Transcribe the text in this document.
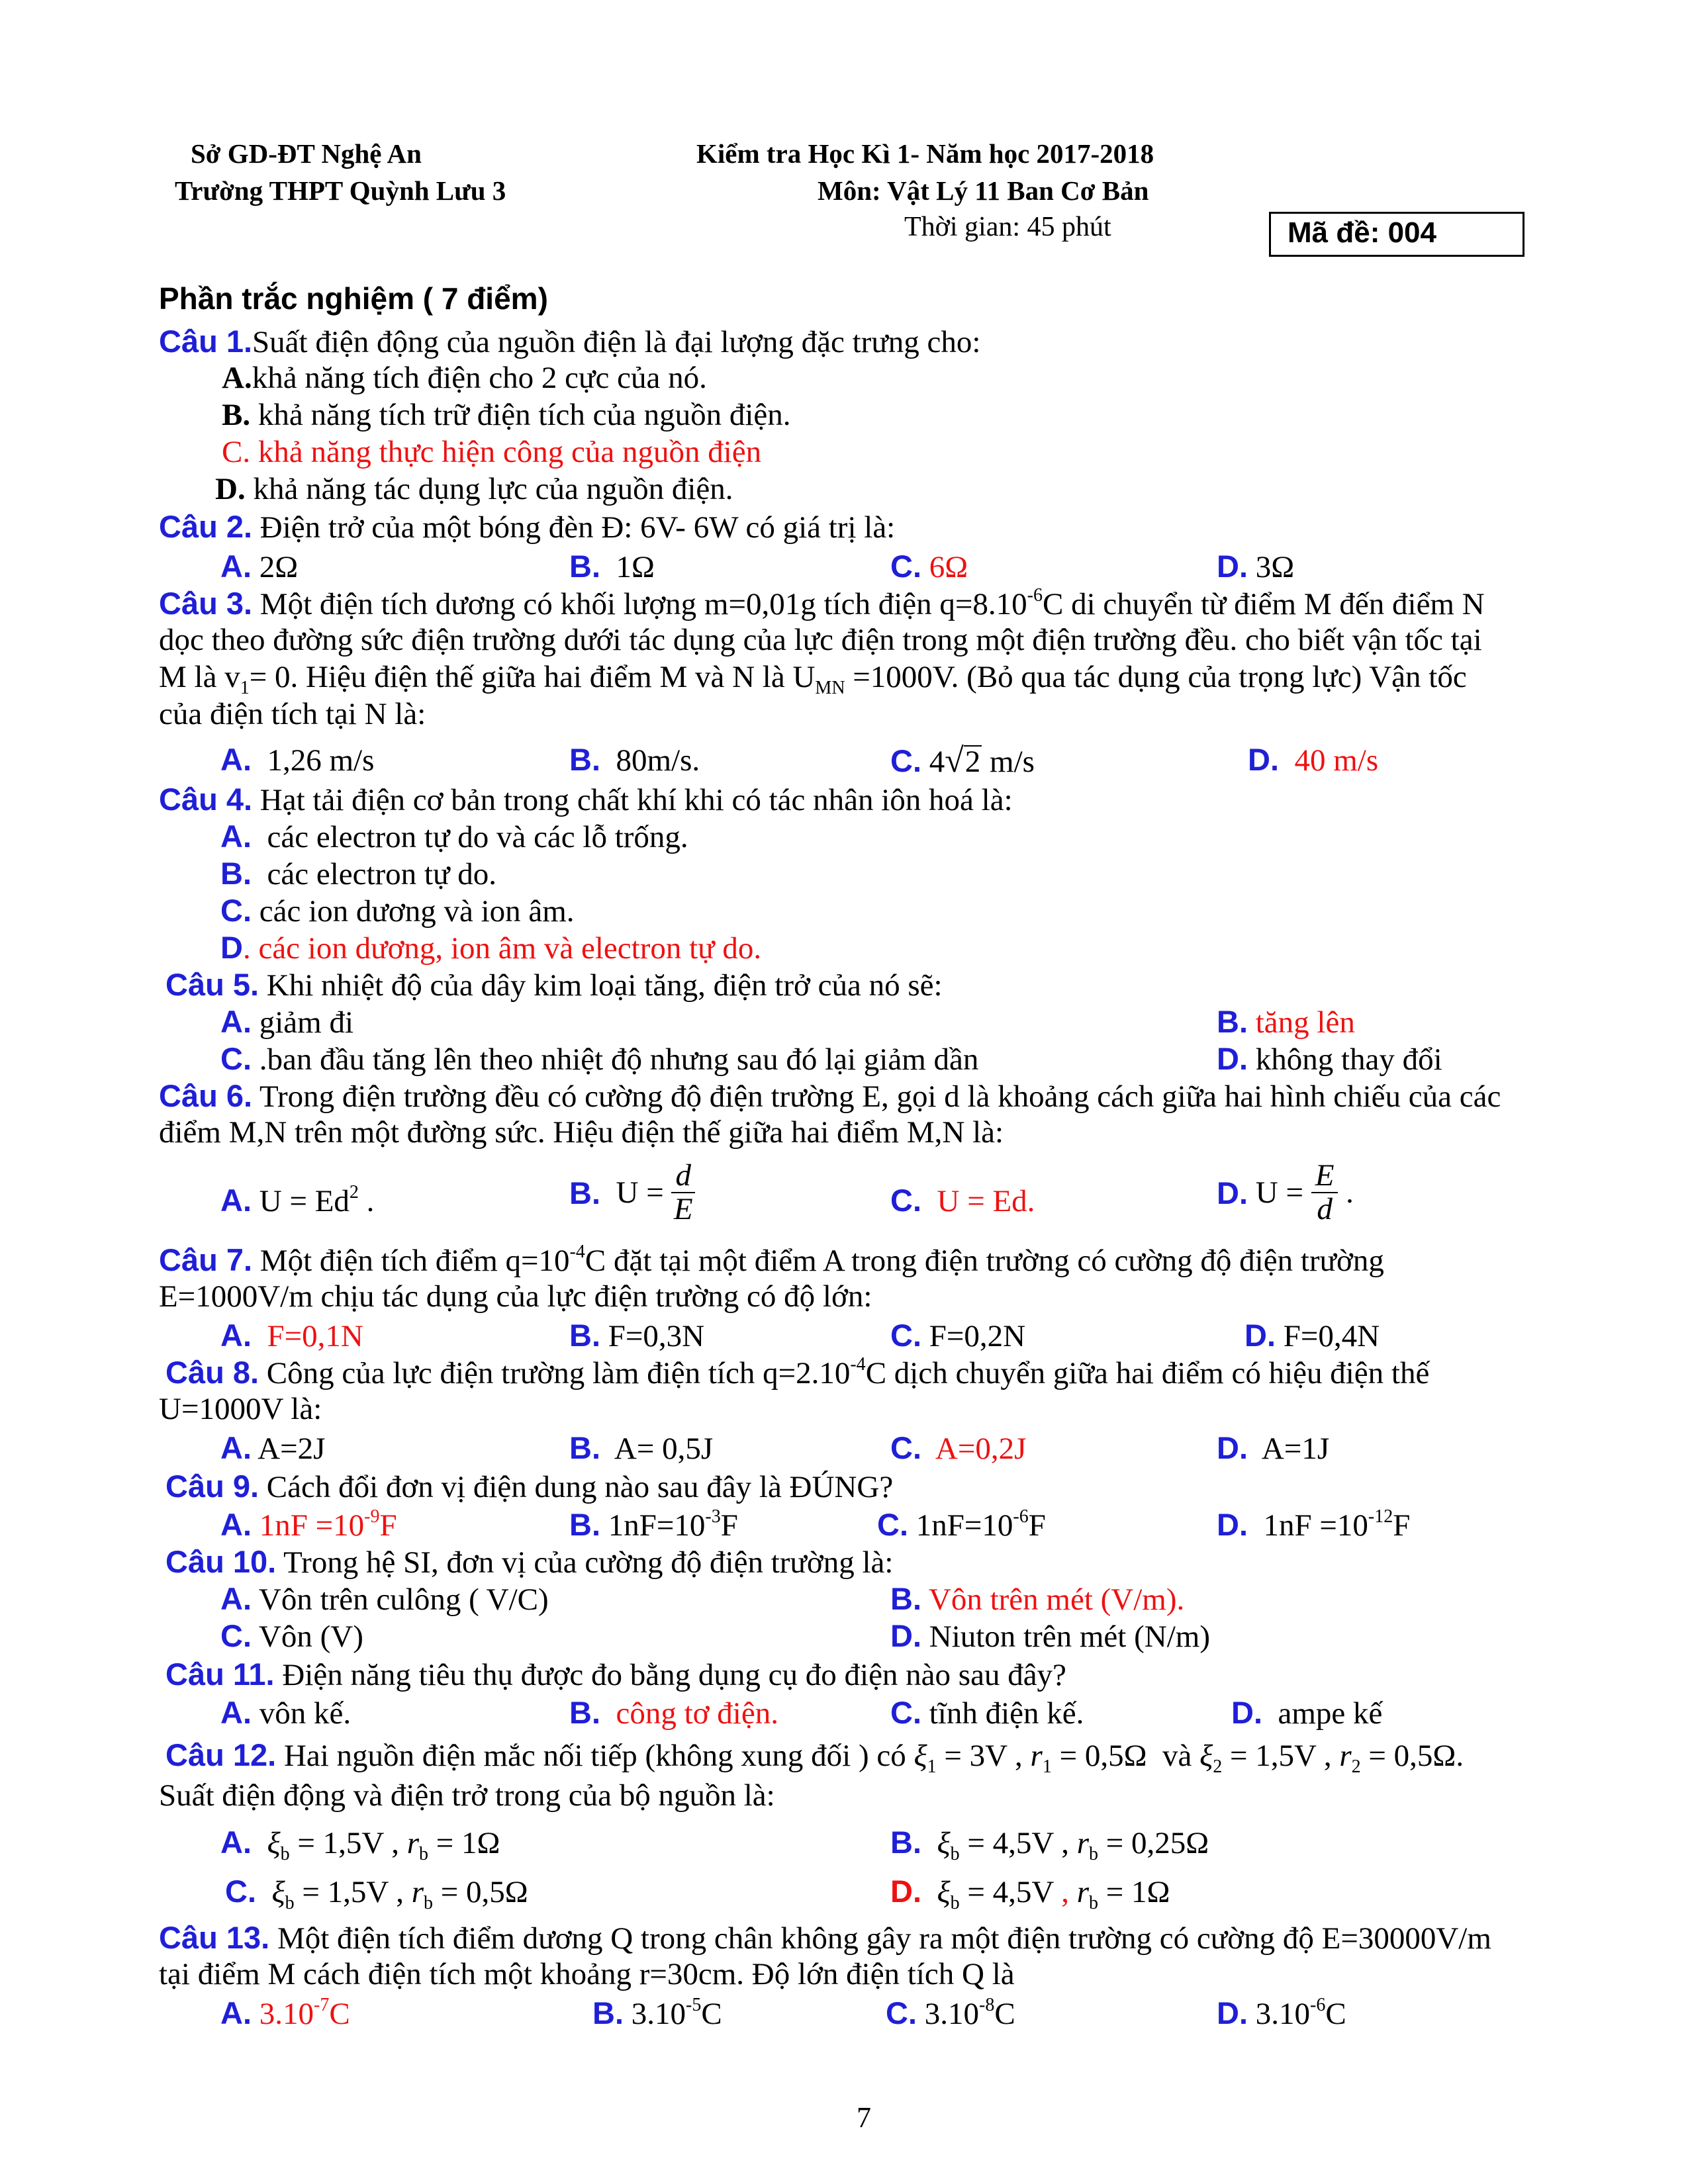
Sở GD-ĐT Nghệ An
Trường THPT Quỳnh Lưu 3
Kiểm tra Học Kì 1- Năm học 2017-2018
Môn: Vật Lý 11 Ban Cơ Bản
Thời gian: 45 phút	Mã đề: 004
Phần trắc nghiệm ( 7 điểm)
Câu 1.Suất điện động của nguồn điện là đại lượng đặc trưng cho:
A.khả năng tích điện cho 2 cực của nó.
B. khả năng tích trữ điện tích của nguồn điện.
C. khả năng thực hiện công của nguồn điện
D. khả năng tác dụng lực của nguồn điện.
Câu 2. Điện trở của một bóng đèn Đ: 6V- 6W có giá trị là:
A. 2Ω	B. 1Ω	C. 6Ω	D. 3Ω
Câu 3. Một điện tích dương có khối lượng m=0,01g tích điện $q=8.10^{-6}C$ di chuyển từ điểm M đến điểm N
dọc theo đường sức điện trường dưới tác dụng của lực điện trong một điện trường đều. cho biết vận tốc tại
M là $v_1= 0$. Hiệu điện thế giữa hai điểm M và N là $U_{MN} =1000V$. (Bỏ qua tác dụng của trọng lực) Vận tốc
của điện tích tại N là:
A. 1,26 m/s	B. 80m/s.	C. 4√2 m/s	D. 40 m/s
Câu 4. Hạt tải điện cơ bản trong chất khí khi có tác nhân iôn hoá là:
A. các electron tự do và các lỗ trống.
B. các electron tự do.
C. các ion dương và ion âm.
D. các ion dương, ion âm và electron tự do.
Câu 5. Khi nhiệt độ của dây kim loại tăng, điện trở của nó sẽ:
A. giảm đi	B. tăng lên
C. .ban đầu tăng lên theo nhiệt độ nhưng sau đó lại giảm dần	D. không thay đổi
Câu 6. Trong điện trường đều có cường độ điện trường E, gọi d là khoảng cách giữa hai hình chiếu của các
điểm M,N trên một đường sức. Hiệu điện thế giữa hai điểm M,N là:
A. $U = Ed^2$ .	B. $U = \frac{d}{E}$	C. U = Ed.	D. $U = \frac{E}{d}$ .
Câu 7. Một điện tích điểm $q=10^{-4}C$ đặt tại một điểm A trong điện trường có cường độ điện trường
E=1000V/m chịu tác dụng của lực điện trường có độ lớn:
A. F=0,1N	B. F=0,3N	C. F=0,2N	D. F=0,4N
Câu 8. Công của lực điện trường làm điện tích $q=2.10^{-4}C$ dịch chuyển giữa hai điểm có hiệu điện thế
U=1000V là:
A. A=2J	B. A= 0,5J	C. A=0,2J	D. A=1J
Câu 9. Cách đổi đơn vị điện dung nào sau đây là ĐÚNG?
A. $1nF =10^{-9}F$	B. $1nF=10^{-3}F$	C. $1nF=10^{-6}F$	D. $1nF =10^{-12}F$
Câu 10. Trong hệ SI, đơn vị của cường độ điện trường là:
A. Vôn trên culông ( V/C)	B. Vôn trên mét (V/m).
C. Vôn (V)	D. Niuton trên mét (N/m)
Câu 11. Điện năng tiêu thụ được đo bằng dụng cụ đo điện nào sau đây?
A. vôn kế.	B. công tơ điện.	C. tĩnh điện kế.	D. ampe kế
Câu 12. Hai nguồn điện mắc nối tiếp (không xung đối ) có $\xi_1 = 3V$ , $r_1 = 0,5\Omega$ và $\xi_2 = 1,5V$ , $r_2 = 0,5\Omega$.
Suất điện động và điện trở trong của bộ nguồn là:
A. $\xi_b = 1,5V$ , $r_b = 1\Omega$	B. $\xi_b = 4,5V$ , $r_b = 0,25\Omega$
C. $\xi_b = 1,5V$ , $r_b = 0,5\Omega$	D. $\xi_b = 4,5V$ , $r_b = 1\Omega$
Câu 13. Một điện tích điểm dương Q trong chân không gây ra một điện trường có cường độ E=30000V/m
tại điểm M cách điện tích một khoảng r=30cm. Độ lớn điện tích Q là
A. $3.10^{-7}C$	B. $3.10^{-5}C$	C. $3.10^{-8}C$	D. $3.10^{-6}C$
7
